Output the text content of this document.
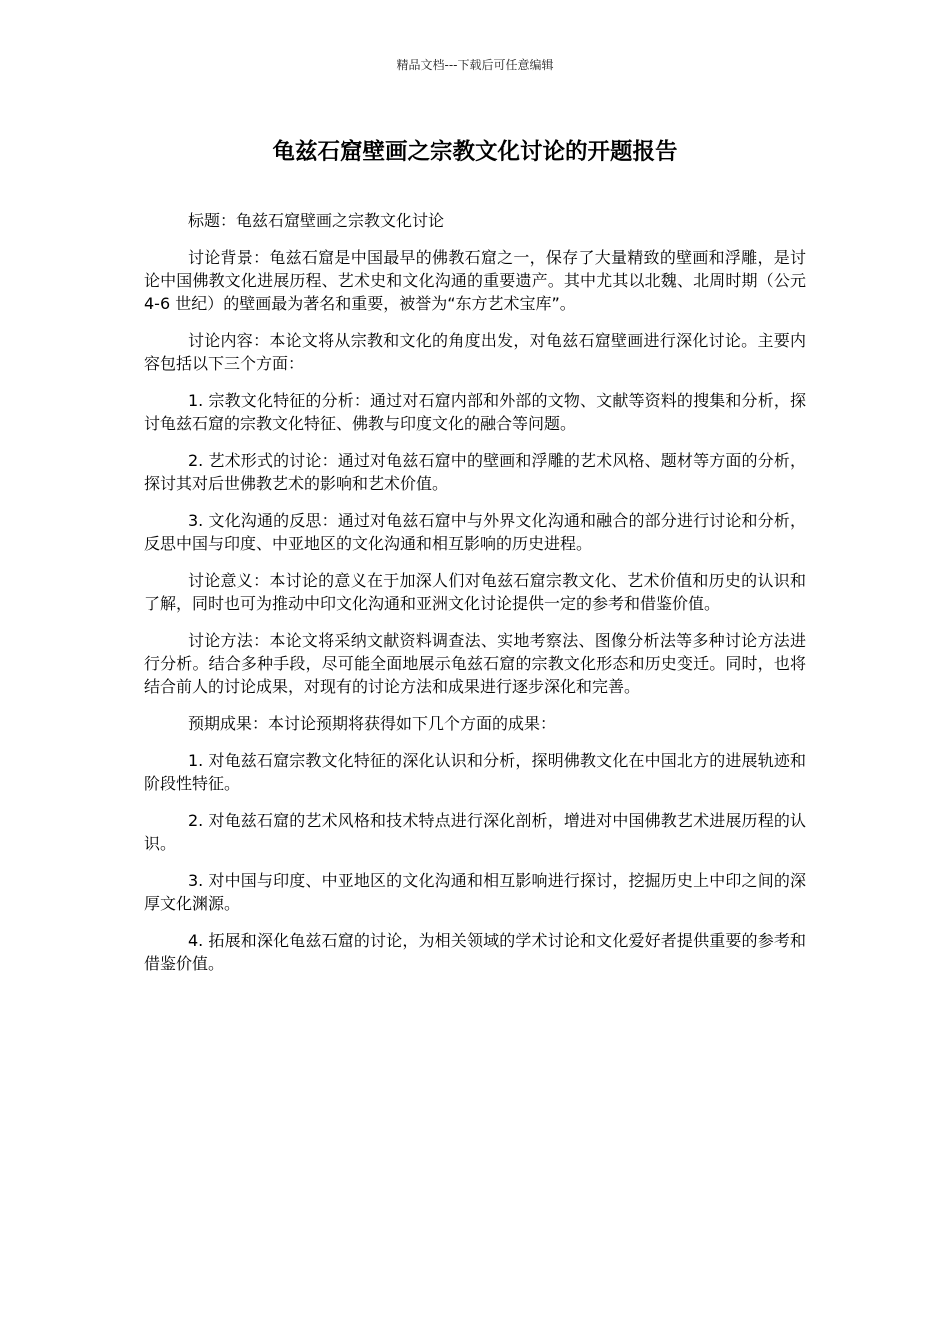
精品文档---下载后可任意编辑
龟兹石窟壁画之宗教文化讨论的开题报告

标题：龟兹石窟壁画之宗教文化讨论

讨论背景：龟兹石窟是中国最早的佛教石窟之一，保存了大量精致的壁画和浮雕，是讨论中国佛教文化进展历程、艺术史和文化沟通的重要遗产。其中尤其以北魏、北周时期（公元 4-6 世纪）的壁画最为著名和重要，被誉为“东方艺术宝库”。

讨论内容：本论文将从宗教和文化的角度出发，对龟兹石窟壁画进行深化讨论。主要内容包括以下三个方面：

1. 宗教文化特征的分析：通过对石窟内部和外部的文物、文献等资料的搜集和分析，探讨龟兹石窟的宗教文化特征、佛教与印度文化的融合等问题。

2. 艺术形式的讨论：通过对龟兹石窟中的壁画和浮雕的艺术风格、题材等方面的分析，探讨其对后世佛教艺术的影响和艺术价值。

3. 文化沟通的反思：通过对龟兹石窟中与外界文化沟通和融合的部分进行讨论和分析，反思中国与印度、中亚地区的文化沟通和相互影响的历史进程。

讨论意义：本讨论的意义在于加深人们对龟兹石窟宗教文化、艺术价值和历史的认识和了解，同时也可为推动中印文化沟通和亚洲文化讨论提供一定的参考和借鉴价值。

讨论方法：本论文将采纳文献资料调查法、实地考察法、图像分析法等多种讨论方法进行分析。结合多种手段，尽可能全面地展示龟兹石窟的宗教文化形态和历史变迁。同时，也将结合前人的讨论成果，对现有的讨论方法和成果进行逐步深化和完善。

预期成果：本讨论预期将获得如下几个方面的成果：

1. 对龟兹石窟宗教文化特征的深化认识和分析，探明佛教文化在中国北方的进展轨迹和阶段性特征。

2. 对龟兹石窟的艺术风格和技术特点进行深化剖析，增进对中国佛教艺术进展历程的认识。

3. 对中国与印度、中亚地区的文化沟通和相互影响进行探讨，挖掘历史上中印之间的深厚文化渊源。

4. 拓展和深化龟兹石窟的讨论，为相关领域的学术讨论和文化爱好者提供重要的参考和借鉴价值。
